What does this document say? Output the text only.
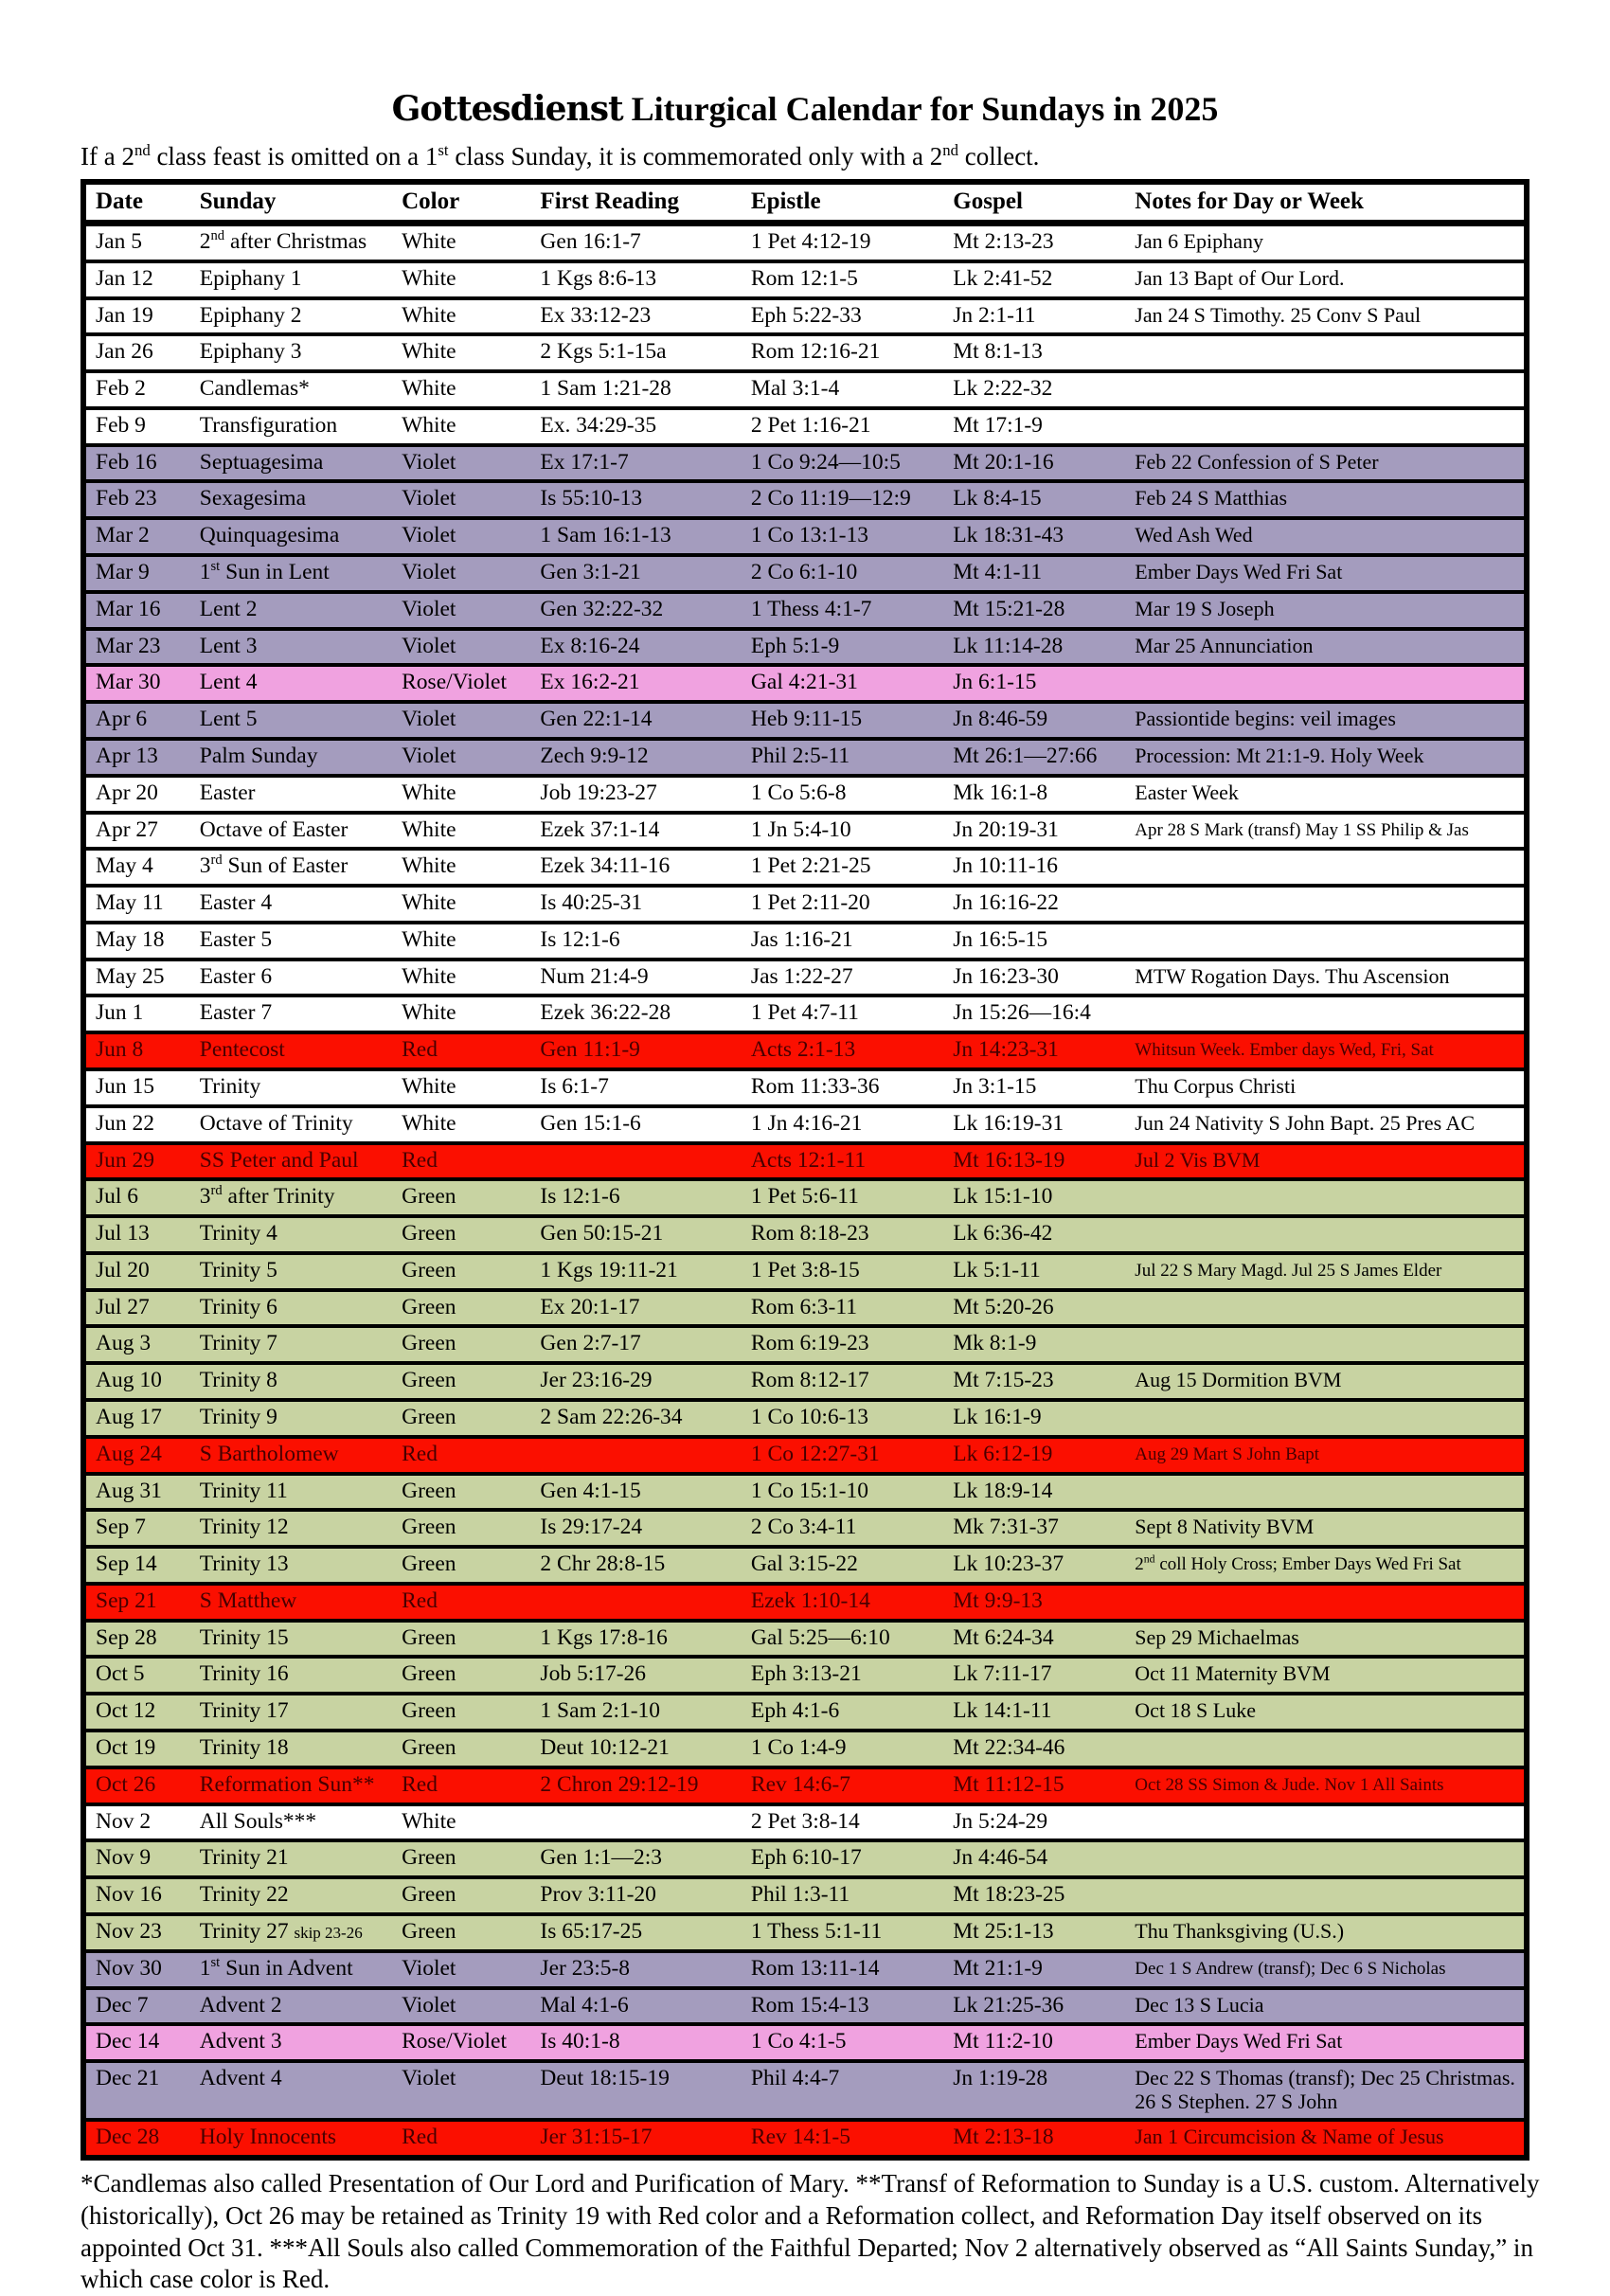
Gottesdienst Liturgical Calendar for Sundays in 2025

If a 2nd class feast is omitted on a 1st class Sunday, it is commemorated only with a 2nd collect.

Date	Sunday	Color	First Reading	Epistle	Gospel	Notes for Day or Week
Jan 5	2nd after Christmas	White	Gen 16:1-7	1 Pet 4:12-19	Mt 2:13-23	Jan 6 Epiphany
Jan 12	Epiphany 1	White	1 Kgs 8:6-13	Rom 12:1-5	Lk 2:41-52	Jan 13 Bapt of Our Lord.
Jan 19	Epiphany 2	White	Ex 33:12-23	Eph 5:22-33	Jn 2:1-11	Jan 24 S Timothy. 25 Conv S Paul
Jan 26	Epiphany 3	White	2 Kgs 5:1-15a	Rom 12:16-21	Mt 8:1-13	
Feb 2	Candlemas*	White	1 Sam 1:21-28	Mal 3:1-4	Lk 2:22-32	
Feb 9	Transfiguration	White	Ex. 34:29-35	2 Pet 1:16-21	Mt 17:1-9	
Feb 16	Septuagesima	Violet	Ex 17:1-7	1 Co 9:24—10:5	Mt 20:1-16	Feb 22 Confession of S Peter
Feb 23	Sexagesima	Violet	Is 55:10-13	2 Co 11:19—12:9	Lk 8:4-15	Feb 24 S Matthias
Mar 2	Quinquagesima	Violet	1 Sam 16:1-13	1 Co 13:1-13	Lk 18:31-43	Wed Ash Wed
Mar 9	1st Sun in Lent	Violet	Gen 3:1-21	2 Co 6:1-10	Mt 4:1-11	Ember Days Wed Fri Sat
Mar 16	Lent 2	Violet	Gen 32:22-32	1 Thess 4:1-7	Mt 15:21-28	Mar 19 S Joseph
Mar 23	Lent 3	Violet	Ex 8:16-24	Eph 5:1-9	Lk 11:14-28	Mar 25 Annunciation
Mar 30	Lent 4	Rose/Violet	Ex 16:2-21	Gal 4:21-31	Jn 6:1-15	
Apr 6	Lent 5	Violet	Gen 22:1-14	Heb 9:11-15	Jn 8:46-59	Passiontide begins: veil images
Apr 13	Palm Sunday	Violet	Zech 9:9-12	Phil 2:5-11	Mt 26:1—27:66	Procession: Mt 21:1-9. Holy Week
Apr 20	Easter	White	Job 19:23-27	1 Co 5:6-8	Mk 16:1-8	Easter Week
Apr 27	Octave of Easter	White	Ezek 37:1-14	1 Jn 5:4-10	Jn 20:19-31	Apr 28 S Mark (transf) May 1 SS Philip & Jas
May 4	3rd Sun of Easter	White	Ezek 34:11-16	1 Pet 2:21-25	Jn 10:11-16	
May 11	Easter 4	White	Is 40:25-31	1 Pet 2:11-20	Jn 16:16-22	
May 18	Easter 5	White	Is 12:1-6	Jas 1:16-21	Jn 16:5-15	
May 25	Easter 6	White	Num 21:4-9	Jas 1:22-27	Jn 16:23-30	MTW Rogation Days. Thu Ascension
Jun 1	Easter 7	White	Ezek 36:22-28	1 Pet 4:7-11	Jn 15:26—16:4	
Jun 8	Pentecost	Red	Gen 11:1-9	Acts 2:1-13	Jn 14:23-31	Whitsun Week. Ember days Wed, Fri, Sat
Jun 15	Trinity	White	Is 6:1-7	Rom 11:33-36	Jn 3:1-15	Thu Corpus Christi
Jun 22	Octave of Trinity	White	Gen 15:1-6	1 Jn 4:16-21	Lk 16:19-31	Jun 24 Nativity S John Bapt. 25 Pres AC
Jun 29	SS Peter and Paul	Red		Acts 12:1-11	Mt 16:13-19	Jul 2 Vis BVM
Jul 6	3rd after Trinity	Green	Is 12:1-6	1 Pet 5:6-11	Lk 15:1-10	
Jul 13	Trinity 4	Green	Gen 50:15-21	Rom 8:18-23	Lk 6:36-42	
Jul 20	Trinity 5	Green	1 Kgs 19:11-21	1 Pet 3:8-15	Lk 5:1-11	Jul 22 S Mary Magd. Jul 25 S James Elder
Jul 27	Trinity 6	Green	Ex 20:1-17	Rom 6:3-11	Mt 5:20-26	
Aug 3	Trinity 7	Green	Gen 2:7-17	Rom 6:19-23	Mk 8:1-9	
Aug 10	Trinity 8	Green	Jer 23:16-29	Rom 8:12-17	Mt 7:15-23	Aug 15 Dormition BVM
Aug 17	Trinity 9	Green	2 Sam 22:26-34	1 Co 10:6-13	Lk 16:1-9	
Aug 24	S Bartholomew	Red		1 Co 12:27-31	Lk 6:12-19	Aug 29 Mart S John Bapt
Aug 31	Trinity 11	Green	Gen 4:1-15	1 Co 15:1-10	Lk 18:9-14	
Sep 7	Trinity 12	Green	Is 29:17-24	2 Co 3:4-11	Mk 7:31-37	Sept 8 Nativity BVM
Sep 14	Trinity 13	Green	2 Chr 28:8-15	Gal 3:15-22	Lk 10:23-37	2nd coll Holy Cross; Ember Days Wed Fri Sat
Sep 21	S Matthew	Red		Ezek 1:10-14	Mt 9:9-13	
Sep 28	Trinity 15	Green	1 Kgs 17:8-16	Gal 5:25—6:10	Mt 6:24-34	Sep 29 Michaelmas
Oct 5	Trinity 16	Green	Job 5:17-26	Eph 3:13-21	Lk 7:11-17	Oct 11 Maternity BVM
Oct 12	Trinity 17	Green	1 Sam 2:1-10	Eph 4:1-6	Lk 14:1-11	Oct 18 S Luke
Oct 19	Trinity 18	Green	Deut 10:12-21	1 Co 1:4-9	Mt 22:34-46	
Oct 26	Reformation Sun**	Red	2 Chron 29:12-19	Rev 14:6-7	Mt 11:12-15	Oct 28 SS Simon & Jude. Nov 1 All Saints
Nov 2	All Souls***	White		2 Pet 3:8-14	Jn 5:24-29	
Nov 9	Trinity 21	Green	Gen 1:1—2:3	Eph 6:10-17	Jn 4:46-54	
Nov 16	Trinity 22	Green	Prov 3:11-20	Phil 1:3-11	Mt 18:23-25	
Nov 23	Trinity 27 skip 23-26	Green	Is 65:17-25	1 Thess 5:1-11	Mt 25:1-13	Thu Thanksgiving (U.S.)
Nov 30	1st Sun in Advent	Violet	Jer 23:5-8	Rom 13:11-14	Mt 21:1-9	Dec 1 S Andrew (transf); Dec 6 S Nicholas
Dec 7	Advent 2	Violet	Mal 4:1-6	Rom 15:4-13	Lk 21:25-36	Dec 13 S Lucia
Dec 14	Advent 3	Rose/Violet	Is 40:1-8	1 Co 4:1-5	Mt 11:2-10	Ember Days Wed Fri Sat
Dec 21	Advent 4	Violet	Deut 18:15-19	Phil 4:4-7	Jn 1:19-28	Dec 22 S Thomas (transf); Dec 25 Christmas. 26 S Stephen. 27 S John
Dec 28	Holy Innocents	Red	Jer 31:15-17	Rev 14:1-5	Mt 2:13-18	Jan 1 Circumcision & Name of Jesus

*Candlemas also called Presentation of Our Lord and Purification of Mary. **Transf of Reformation to Sunday is a U.S. custom. Alternatively (historically), Oct 26 may be retained as Trinity 19 with Red color and a Reformation collect, and Reformation Day itself observed on its appointed Oct 31. ***All Souls also called Commemoration of the Faithful Departed; Nov 2 alternatively observed as “All Saints Sunday,” in which case color is Red.
